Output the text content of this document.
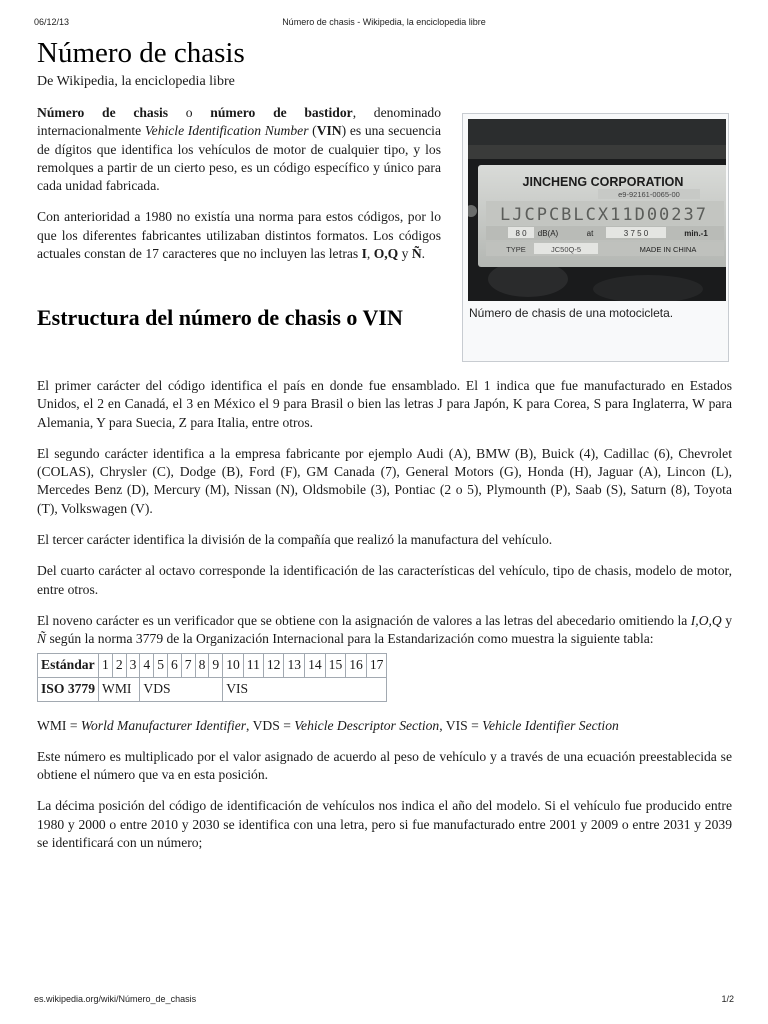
06/12/13	Número de chasis - Wikipedia, la enciclopedia libre
Número de chasis
De Wikipedia, la enciclopedia libre

Número de chasis o número de bastidor, denominado internacionalmente Vehicle Identification Number (VIN) es una secuencia de dígitos que identifica los vehículos de motor de cualquier tipo, y los remolques a partir de un cierto peso, es un código específico y único para cada unidad fabricada.

Con anterioridad a 1980 no existía una norma para estos códigos, por lo que los diferentes fabricantes utilizaban distintos formatos. Los códigos actuales constan de 17 caracteres que no incluyen las letras I, O,Q y Ñ.

JINCHENG CORPORATION
e9-92161-0065-00
LJCPCBLCX11D00237
8 0 dB(A)	at	3 7 5 0	min.-1
TYPE	JC50Q-5	MADE IN CHINA
Número de chasis de una motocicleta.
Estructura del número de chasis o VIN

El primer carácter del código identifica el país en donde fue ensamblado. El 1 indica que fue manufacturado en Estados Unidos, el 2 en Canadá, el 3 en México el 9 para Brasil o bien las letras J para Japón, K para Corea, S para Inglaterra, W para Alemania, Y para Suecia, Z para Italia, entre otros.

El segundo carácter identifica a la empresa fabricante por ejemplo Audi (A), BMW (B), Buick (4), Cadillac (6), Chevrolet (COLAS), Chrysler (C), Dodge (B), Ford (F), GM Canada (7), General Motors (G), Honda (H), Jaguar (A), Lincon (L), Mercedes Benz (D), Mercury (M), Nissan (N), Oldsmobile (3), Pontiac (2 o 5), Plymounth (P), Saab (S), Saturn (8), Toyota (T), Volkswagen (V).

El tercer carácter identifica la división de la compañía que realizó la manufactura del vehículo.

Del cuarto carácter al octavo corresponde la identificación de las características del vehículo, tipo de chasis, modelo de motor, entre otros.

El noveno carácter es un verificador que se obtiene con la asignación de valores a las letras del abecedario omitiendo la I,O,Q y Ñ según la norma 3779 de la Organización Internacional para la Estandarización como muestra la siguiente tabla:

Estándar	1	2	3	4	5	6	7	8	9	10	11	12	13	14	15	16	17
ISO 3779	WMI			VDS						VIS							
WMI = World Manufacturer Identifier, VDS = Vehicle Descriptor Section, VIS = Vehicle Identifier Section

Este número es multiplicado por el valor asignado de acuerdo al peso de vehículo y a través de una ecuación preestablecida se obtiene el número que va en esta posición.

La décima posición del código de identificación de vehículos nos indica el año del modelo. Si el vehículo fue producido entre 1980 y 2000 o entre 2010 y 2030 se identifica con una letra, pero si fue manufacturado entre 2001 y 2009 o entre 2031 y 2039 se identificará con un número;

es.wikipedia.org/wiki/Número_de_chasis	1/2
